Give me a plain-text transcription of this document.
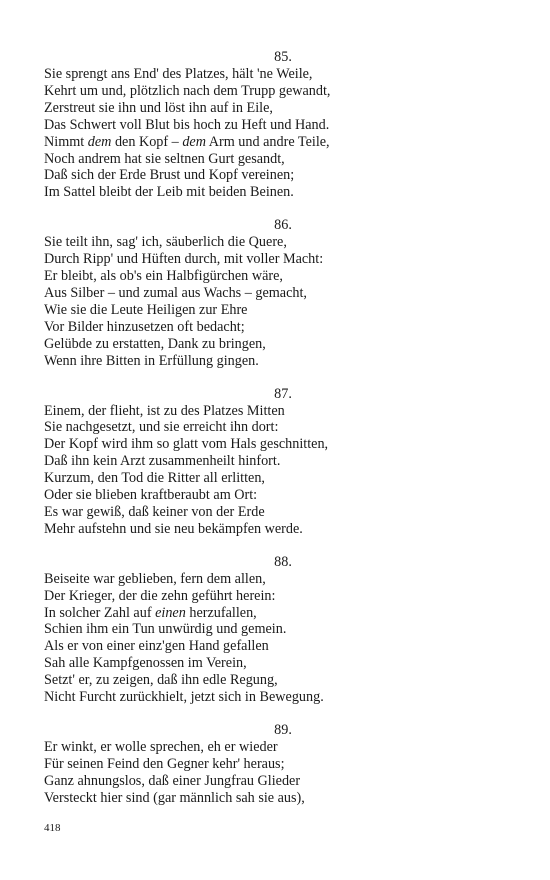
85.
Sie sprengt ans End' des Platzes, hält 'ne Weile,
Kehrt um und, plötzlich nach dem Trupp gewandt,
Zerstreut sie ihn und löst ihn auf in Eile,
Das Schwert voll Blut bis hoch zu Heft und Hand.
Nimmt dem den Kopf – dem Arm und andre Teile,
Noch andrem hat sie seltnen Gurt gesandt,
Daß sich der Erde Brust und Kopf vereinen;
Im Sattel bleibt der Leib mit beiden Beinen.
86.
Sie teilt ihn, sag' ich, säuberlich die Quere,
Durch Ripp' und Hüften durch, mit voller Macht:
Er bleibt, als ob's ein Halbfigürchen wäre,
Aus Silber – und zumal aus Wachs – gemacht,
Wie sie die Leute Heiligen zur Ehre
Vor Bilder hinzusetzen oft bedacht;
Gelübde zu erstatten, Dank zu bringen,
Wenn ihre Bitten in Erfüllung gingen.
87.
Einem, der flieht, ist zu des Platzes Mitten
Sie nachgesetzt, und sie erreicht ihn dort:
Der Kopf wird ihm so glatt vom Hals geschnitten,
Daß ihn kein Arzt zusammenheilt hinfort.
Kurzum, den Tod die Ritter all erlitten,
Oder sie blieben kraftberaubt am Ort:
Es war gewiß, daß keiner von der Erde
Mehr aufstehn und sie neu bekämpfen werde.
88.
Beiseite war geblieben, fern dem allen,
Der Krieger, der die zehn geführt herein:
In solcher Zahl auf einen herzufallen,
Schien ihm ein Tun unwürdig und gemein.
Als er von einer einz'gen Hand gefallen
Sah alle Kampfgenossen im Verein,
Setzt' er, zu zeigen, daß ihn edle Regung,
Nicht Furcht zurückhielt, jetzt sich in Bewegung.
89.
Er winkt, er wolle sprechen, eh er wieder
Für seinen Feind den Gegner kehr' heraus;
Ganz ahnungslos, daß einer Jungfrau Glieder
Versteckt hier sind (gar männlich sah sie aus),
418
